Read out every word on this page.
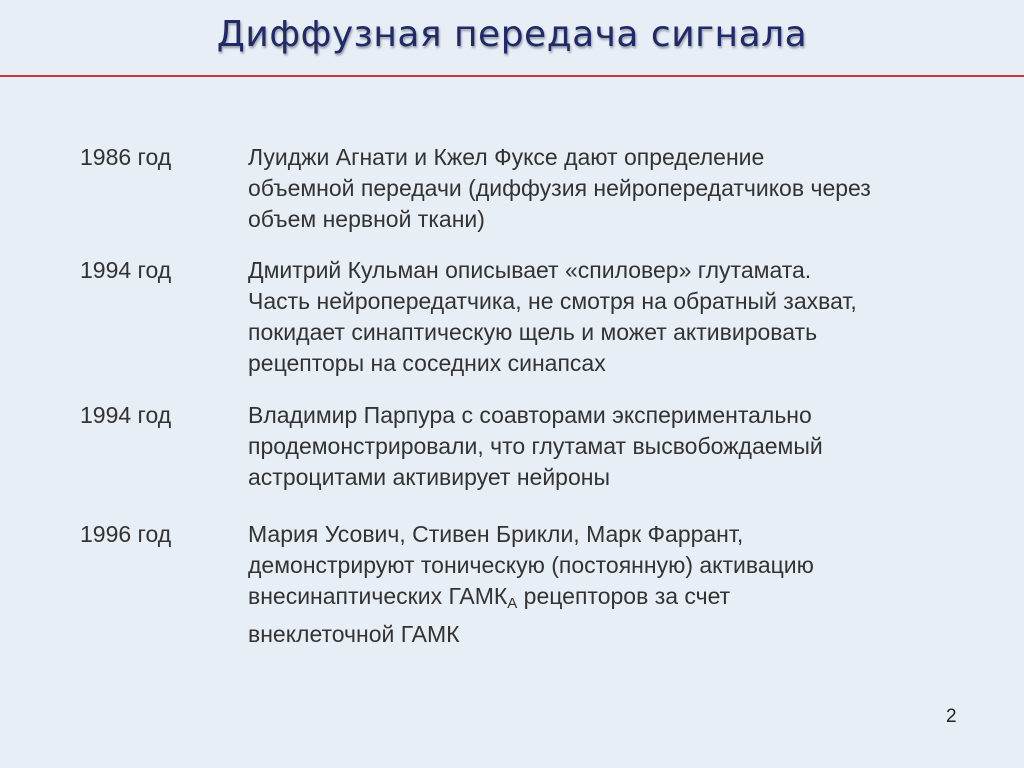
Диффузная передача сигнала
1986 год	Луиджи Агнати и Кжел Фуксе дают определение
объемной передачи (диффузия нейропередатчиков через
объем нервной ткани)
1994 год	Дмитрий Кульман описывает «спиловер» глутамата.
Часть нейропередатчика, не смотря на обратный захват,
покидает синаптическую щель и может активировать
рецепторы на соседних синапсах
1994 год	Владимир Парпура с соавторами экспериментально
продемонстрировали, что глутамат высвобождаемый
астроцитами активирует нейроны
1996 год	Мария Усович, Стивен Брикли, Марк Фаррант,
демонстрируют тоническую (постоянную) активацию
внесинаптических $ГАМК_А$ рецепторов за счет
внеклеточной ГАМК
2
